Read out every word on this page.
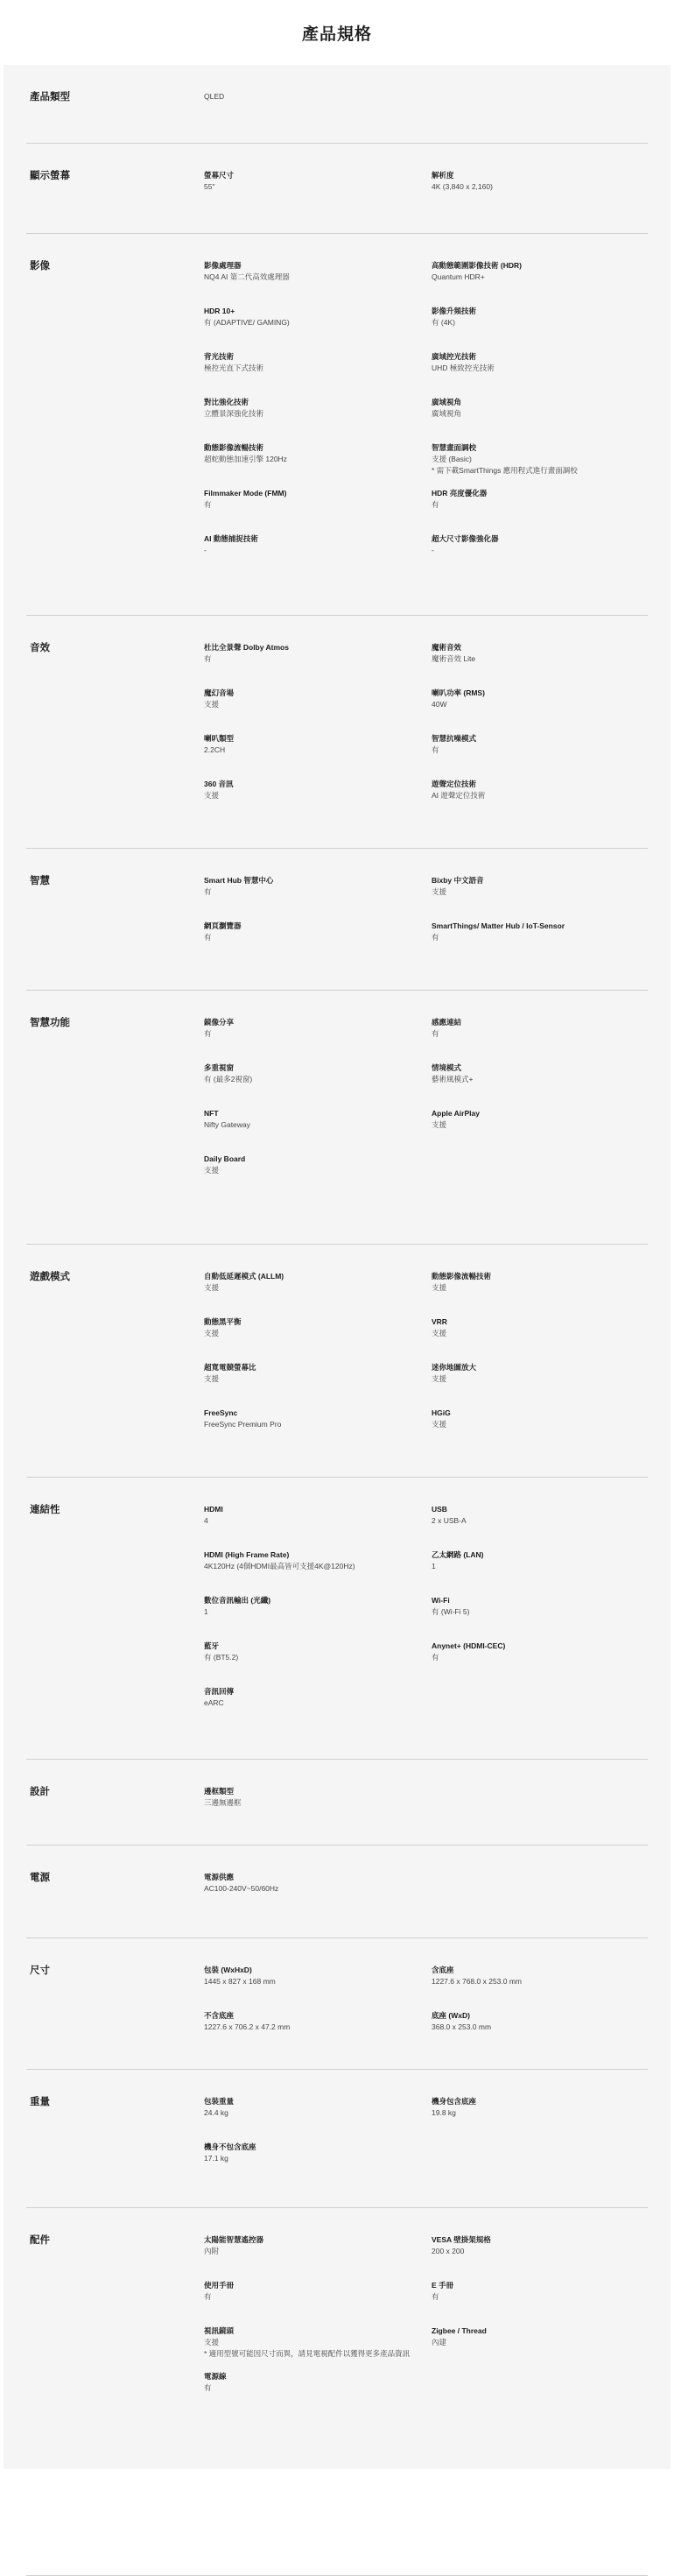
產品規格
產品類型	QLED
顯示螢幕	螢幕尺寸
55"
解析度
4K (3,840 x 2,160)
影像	影像處理器
NQ4 AI 第二代高效處理器
高動態範圍影像技術 (HDR)
Quantum HDR+
HDR 10+
有 (ADAPTIVE/ GAMING)
影像升頻技術
有 (4K)
背光技術
極控光直下式技術
廣域控光技術
UHD 極致控光技術
對比強化技術
立體景深強化技術
廣域視角
廣域視角
動態影像流暢技術
超蛇動態加速引擎 120Hz
智慧畫面調校
支援 (Basic)
* 需下載SmartThings 應用程式進行畫面調校
Filmmaker Mode (FMM)
有
HDR 亮度優化器
有
AI 動態捕捉技術
-
超大尺寸影像強化器
-
音效	杜比全景聲 Dolby Atmos
有
魔術音效
魔術音效 Lite
魔幻音場
支援
喇叭功率 (RMS)
40W
喇叭類型
2.2CH
智慧抗噪模式
有
360 音訊
支援
遊聲定位技術
AI 遊聲定位技術
智慧	Smart Hub 智慧中心
有
Bixby 中文語音
支援
網頁瀏覽器
有
SmartThings/ Matter Hub / IoT-Sensor
有
智慧功能	鏡像分享
有
感應連結
有
多重視窗
有 (最多2視窗)
情境模式
藝術風模式+
NFT
Nifty Gateway
Apple AirPlay
支援
Daily Board
支援
遊戲模式	自動低延遲模式 (ALLM)
支援
動態影像流暢技術
支援
動態黑平衡
支援
VRR
支援
超寬電競螢幕比
支援
迷你地圖放大
支援
FreeSync
FreeSync Premium Pro
HGiG
支援
連結性	HDMI
4
USB
2 x USB-A
HDMI (High Frame Rate)
4K120Hz (4個HDMI最高皆可支援4K@120Hz)
乙太網路 (LAN)
1
數位音訊輸出 (光纖)
1
Wi-Fi
有 (Wi-Fi 5)
藍牙
有 (BT5.2)
Anynet+ (HDMI-CEC)
有
音訊回傳
eARC
設計	邊框類型
三邊無邊框
電源	電源供應
AC100-240V~50/60Hz
尺寸	包裝 (WxHxD)
1445 x 827 x 168 mm
含底座
1227.6 x 768.0 x 253.0 mm
不含底座
1227.6 x 706.2 x 47.2 mm
底座 (WxD)
368.0 x 253.0 mm
重量	包裝重量
24.4 kg
機身包含底座
19.8 kg
機身不包含底座
17.1 kg
配件	太陽能智慧遙控器
內附
VESA 壁掛架規格
200 x 200
使用手冊
有
E 手冊
有
視訊鏡頭
支援
* 適用型號可能因尺寸而異，請見電視配件以獲得更多產品資訊
Zigbee / Thread
內建
電源線
有
